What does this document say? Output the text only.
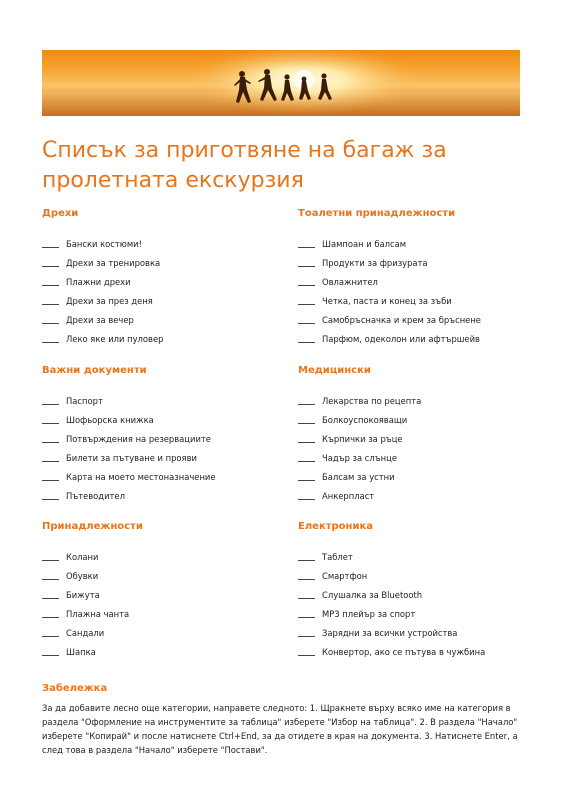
Списък за приготвяне на багаж за пролетната екскурзия
Дрехи
Бански костюми!
Дрехи за тренировка
Плажни дрехи
Дрехи за през деня
Дрехи за вечер
Леко яке или пуловер
Важни документи
Паспорт
Шофьорска книжка
Потвърждения на резервациите
Билети за пътуване и прояви
Карта на моето местоназначение
Пътеводител
Принадлежности
Колани
Обувки
Бижута
Плажна чанта
Сандали
Шапка
Тоалетни принадлежности
Шампоан и балсам
Продукти за фризурата
Овлажнител
Четка, паста и конец за зъби
Самобръсначка и крем за бръснене
Парфюм, одеколон или афтършейв
Медицински
Лекарства по рецепта
Болкоуспокояващи
Кърпички за ръце
Чадър за слънце
Балсам за устни
Анкерпласт
Електроника
Таблет
Смартфон
Слушалка за Bluetooth
MP3 плейър за спорт
Зарядни за всички устройства
Конвертор, ако се пътува в чужбина
Забележка

За да добавите лесно още категории, направете следното: 1. Щракнете върху всяко име на категория в раздела "Оформление на инструментите за таблица" изберете "Избор на таблица". 2. В раздела "Начало" изберете "Копирай" и после натиснете Ctrl+End, за да отидете в края на документа. 3. Натиснете Enter, а след това в раздела "Начало" изберете "Постави".
